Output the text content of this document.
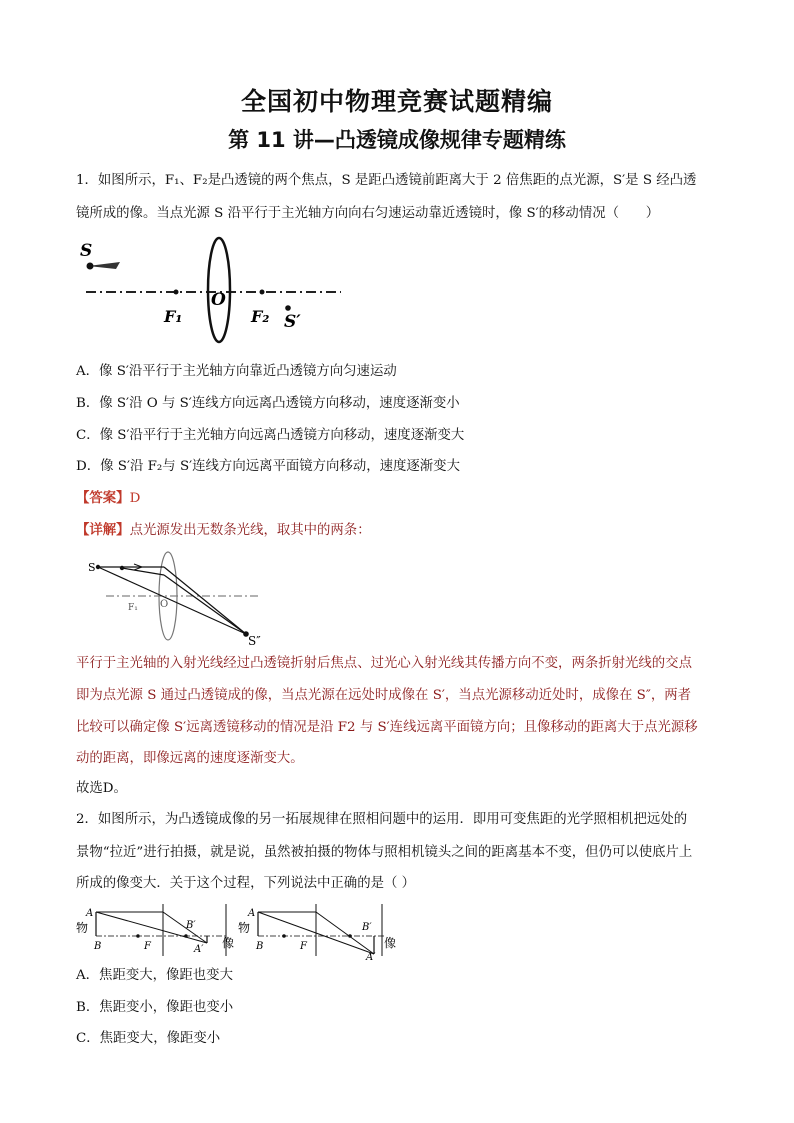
全国初中物理竞赛试题精编
第 11 讲—凸透镜成像规律专题精练
1．如图所示，F₁、F₂是凸透镜的两个焦点，S 是距凸透镜前距离大于 2 倍焦距的点光源，S′是 S 经凸透
镜所成的像。当点光源 S 沿平行于主光轴方向向右匀速运动靠近透镜时，像 S′的移动情况（　　）
S
O
F₁	F₂ S′
A．像 S′沿平行于主光轴方向靠近凸透镜方向匀速运动
B．像 S′沿 O 与 S′连线方向远离凸透镜方向移动，速度逐渐变小
C．像 S′沿平行于主光轴方向远离凸透镜方向移动，速度逐渐变大
D．像 S′沿 F₂与 S′连线方向远离平面镜方向移动，速度逐渐变大
【答案】D
【详解】点光源发出无数条光线，取其中的两条：
S
F₁ O
S″
平行于主光轴的入射光线经过凸透镜折射后焦点、过光心入射光线其传播方向不变，两条折射光线的交点
即为点光源 S 通过凸透镜成的像，当点光源在远处时成像在 S′，当点光源移动近处时，成像在 S″，两者
比较可以确定像 S′远离透镜移动的情况是沿 F2 与 S′连线远离平面镜方向；且像移动的距离大于点光源移
动的距离，即像远离的速度逐渐变大。
故选D。
2．如图所示，为凸透镜成像的另一拓展规律在照相问题中的运用．即用可变焦距的光学照相机把远处的
景物“拉近”进行拍摄，就是说，虽然被拍摄的物体与照相机镜头之间的距离基本不变，但仍可以使底片上
所成的像变大．关于这个过程，下列说法中正确的是（ ）
物
A
B	F
B′
A′ 像
物
A
B	F
B′
A′
像
A．焦距变大，像距也变大
B．焦距变小，像距也变小
C．焦距变大，像距变小
